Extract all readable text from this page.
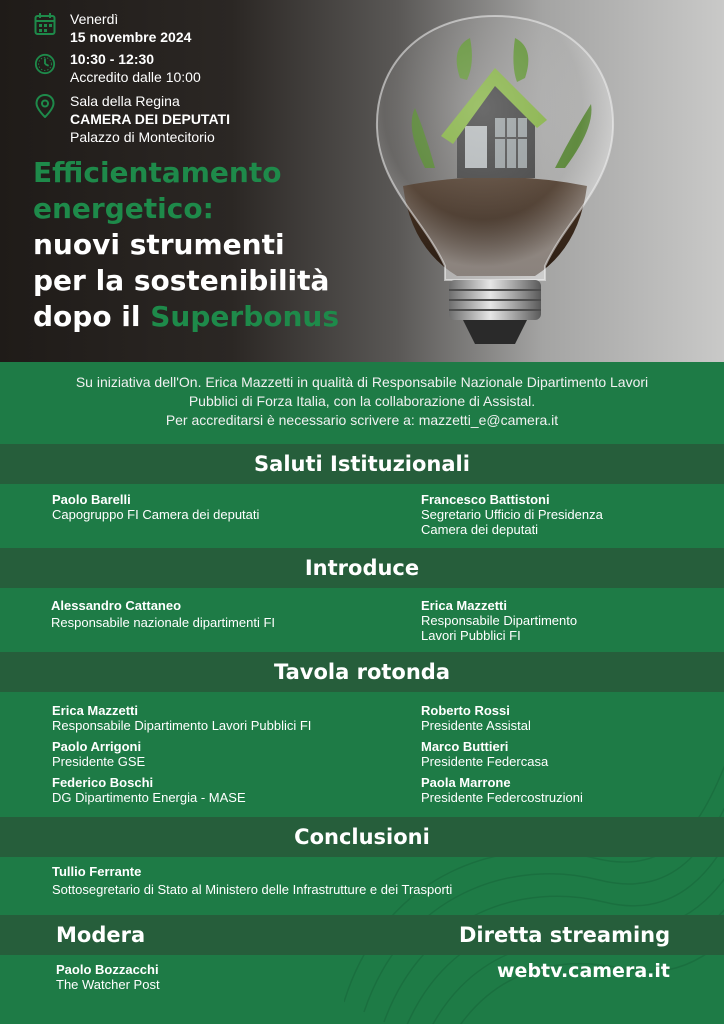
Venerdì
15 novembre 2024
10:30 - 12:30
Accredito dalle 10:00
Sala della Regina
CAMERA DEI DEPUTATI
Palazzo di Montecitorio
Efficientamento
energetico:
nuovi strumenti
per la sostenibilità
dopo il Superbonus
Su iniziativa dell'On. Erica Mazzetti in qualità di Responsabile Nazionale Dipartimento Lavori
Pubblici di Forza Italia, con la collaborazione di Assistal.
Per accreditarsi è necessario scrivere a: mazzetti_e@camera.it
Saluti Istituzionali
Paolo Barelli
Capogruppo FI Camera dei deputati
Francesco Battistoni
Segretario Ufficio di Presidenza
Camera dei deputati
Introduce
Alessandro Cattaneo
Responsabile nazionale dipartimenti FI
Erica Mazzetti
Responsabile Dipartimento
Lavori Pubblici FI
Tavola rotonda
Erica Mazzetti
Responsabile Dipartimento Lavori Pubblici FI
Paolo Arrigoni
Presidente GSE
Federico Boschi
DG Dipartimento Energia - MASE
Roberto Rossi
Presidente Assistal
Marco Buttieri
Presidente Federcasa
Paola Marrone
Presidente Federcostruzioni
Conclusioni
Tullio Ferrante
Sottosegretario di Stato al Ministero delle Infrastrutture e dei Trasporti
Modera	Diretta streaming
Paolo Bozzacchi
The Watcher Post
webtv.camera.it
